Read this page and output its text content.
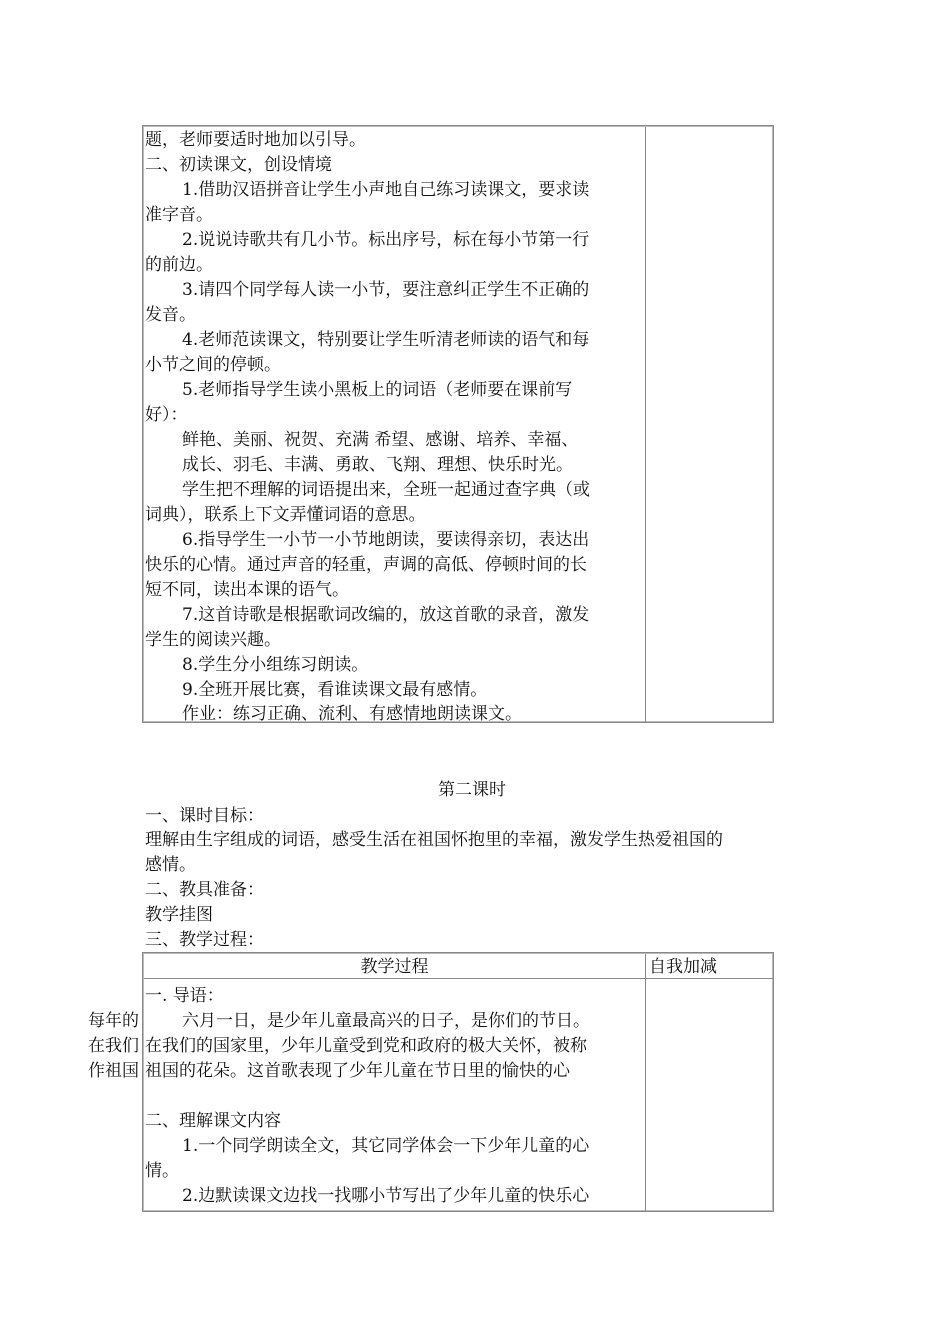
题，老师要适时地加以引导。
二、初读课文，创设情境
1.借助汉语拼音让学生小声地自己练习读课文，要求读
准字音。
2.说说诗歌共有几小节。标出序号，标在每小节第一行
的前边。
3.请四个同学每人读一小节，要注意纠正学生不正确的
发音。
4.老师范读课文，特别要让学生听清老师读的语气和每
小节之间的停顿。
5.老师指导学生读小黑板上的词语（老师要在课前写
好）：
鲜艳、美丽、祝贺、充满 希望、感谢、培养、幸福、
成长、羽毛、丰满、勇敢、飞翔、理想、快乐时光。
学生把不理解的词语提出来，全班一起通过查字典（或
词典），联系上下文弄懂词语的意思。
6.指导学生一小节一小节地朗读，要读得亲切，表达出
快乐的心情。通过声音的轻重，声调的高低、停顿时间的长
短不同，读出本课的语气。
7.这首诗歌是根据歌词改编的，放这首歌的录音，激发
学生的阅读兴趣。
8.学生分小组练习朗读。
9.全班开展比赛，看谁读课文最有感情。
作业：练习正确、流利、有感情地朗读课文。
第二课时
一、课时目标：
理解由生字组成的词语，感受生活在祖国怀抱里的幸福，激发学生热爱祖国的
感情。
二、教具准备：
教学挂图
三、教学过程：
教学过程	自我加减
每年的
在我们
作祖国
一. 导语：
六月一日，是少年儿童最高兴的日子，是你们的节日。
在我们的国家里，少年儿童受到党和政府的极大关怀，被称
祖国的花朵。这首歌表现了少年儿童在节日里的愉快的心
二、理解课文内容
1.一个同学朗读全文，其它同学体会一下少年儿童的心
情。
2.边默读课文边找一找哪小节写出了少年儿童的快乐心
